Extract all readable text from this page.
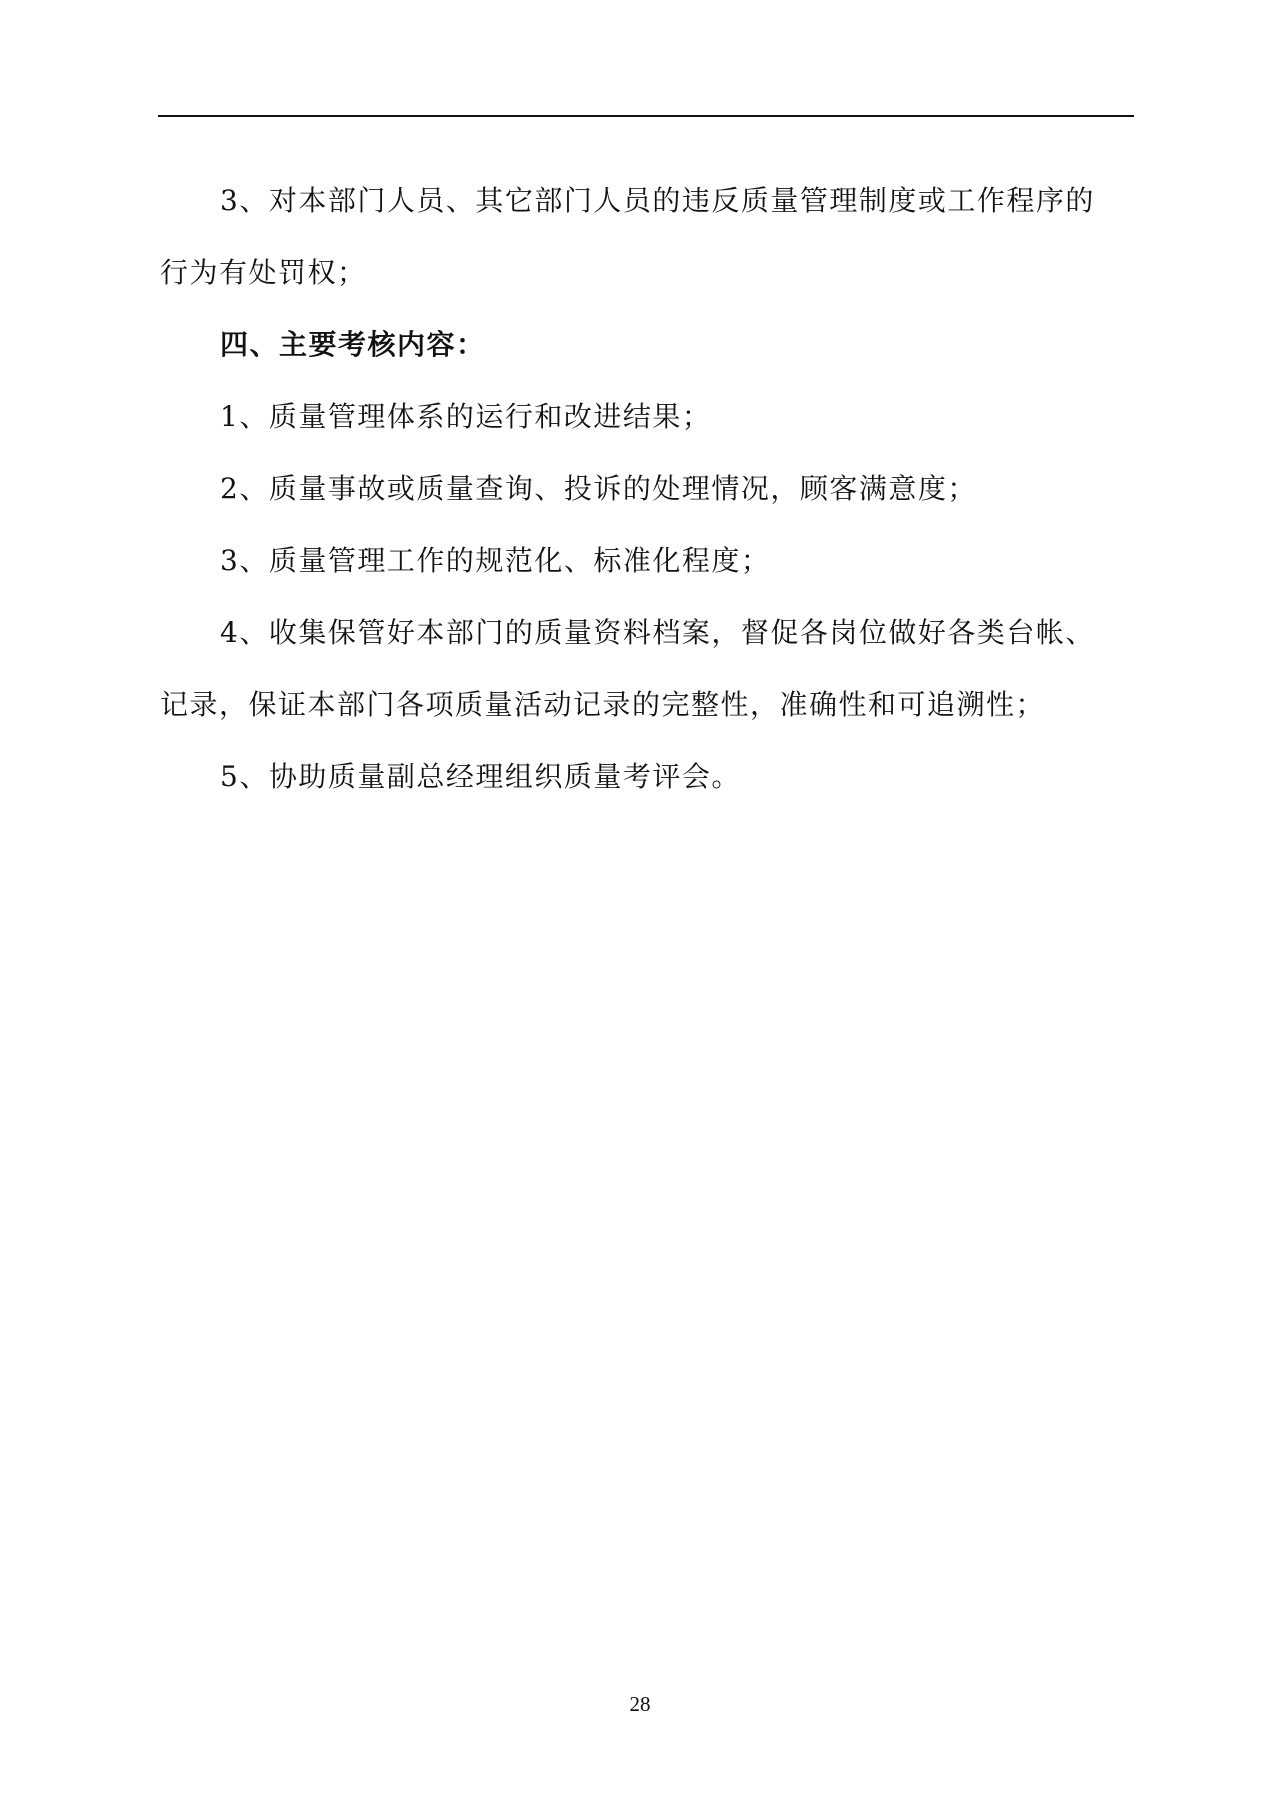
3、对本部门人员、其它部门人员的违反质量管理制度或工作程序的

行为有处罚权；

四、主要考核内容：

1、质量管理体系的运行和改进结果；

2、质量事故或质量查询、投诉的处理情况，顾客满意度；

3、质量管理工作的规范化、标准化程度；

4、收集保管好本部门的质量资料档案，督促各岗位做好各类台帐、

记录，保证本部门各项质量活动记录的完整性，准确性和可追溯性；

5、协助质量副总经理组织质量考评会。

28
